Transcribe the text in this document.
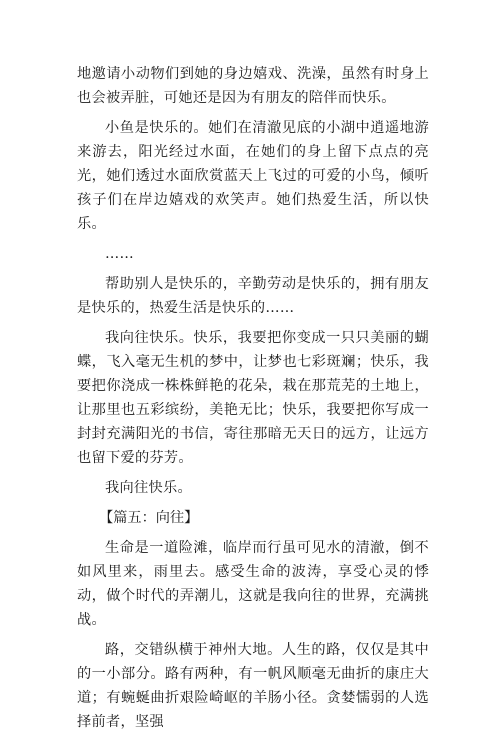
地邀请小动物们到她的身边嬉戏、洗澡，虽然有时身上也会被弄脏，可她还是因为有朋友的陪伴而快乐。

小鱼是快乐的。她们在清澈见底的小湖中逍遥地游来游去，阳光经过水面，在她们的身上留下点点的亮光，她们透过水面欣赏蓝天上飞过的可爱的小鸟，倾听孩子们在岸边嬉戏的欢笑声。她们热爱生活，所以快乐。

……

帮助别人是快乐的，辛勤劳动是快乐的，拥有朋友是快乐的，热爱生活是快乐的……

我向往快乐。快乐，我要把你变成一只只美丽的蝴蝶，飞入毫无生机的梦中，让梦也七彩斑斓；快乐，我要把你浇成一株株鲜艳的花朵，栽在那荒芜的土地上，让那里也五彩缤纷，美艳无比；快乐，我要把你写成一封封充满阳光的书信，寄往那暗无天日的远方，让远方也留下爱的芬芳。

我向往快乐。

【篇五：向往】

生命是一道险滩，临岸而行虽可见水的清澈，倒不如风里来，雨里去。感受生命的波涛，享受心灵的悸动，做个时代的弄潮儿，这就是我向往的世界，充满挑战。

路，交错纵横于神州大地。人生的路，仅仅是其中的一小部分。路有两种，有一帆风顺毫无曲折的康庄大道；有蜿蜒曲折艰险崎岖的羊肠小径。贪婪懦弱的人选择前者，坚强
